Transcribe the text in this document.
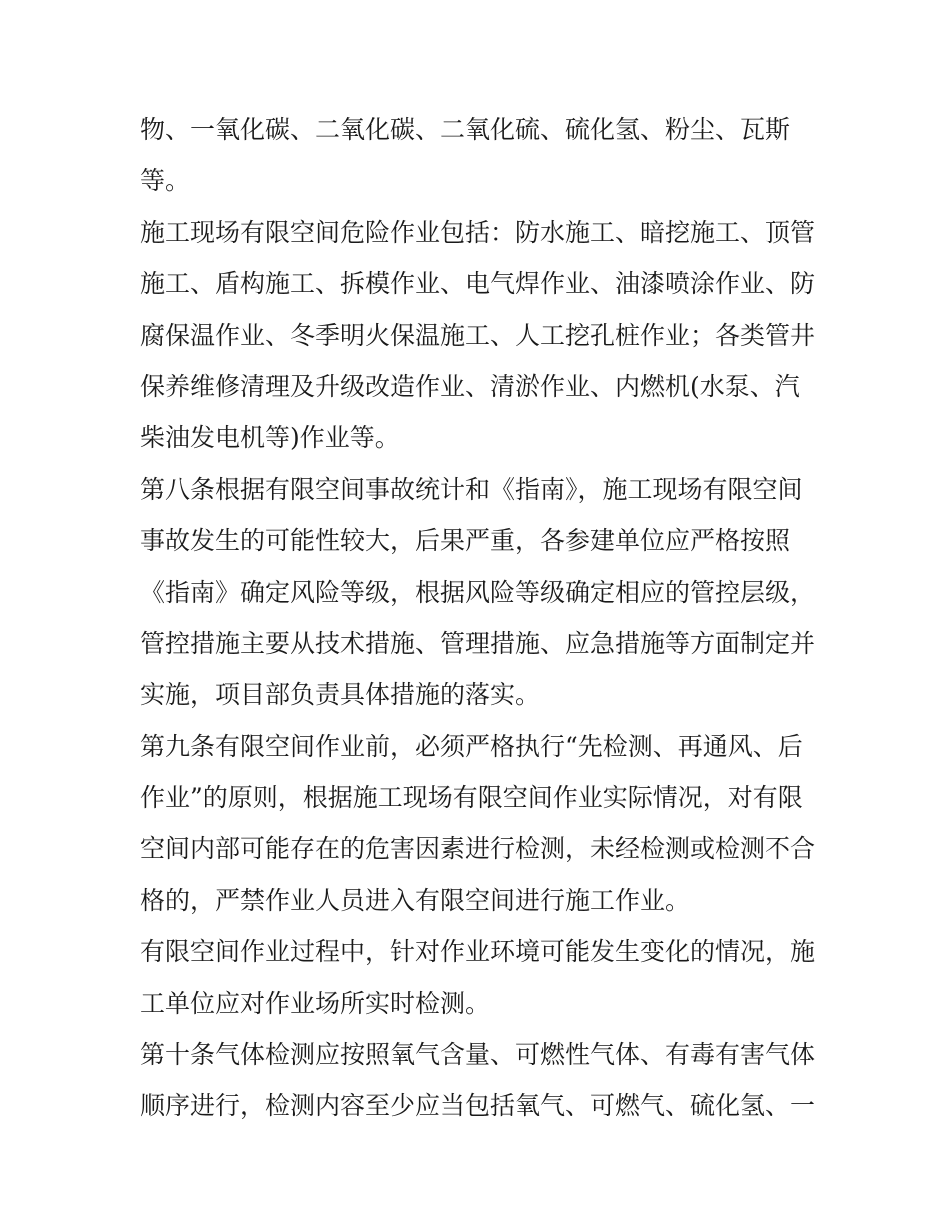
物、一氧化碳、二氧化碳、二氧化硫、硫化氢、粉尘、瓦斯
等。
施工现场有限空间危险作业包括：防水施工、暗挖施工、顶管
施工、盾构施工、拆模作业、电气焊作业、油漆喷涂作业、防
腐保温作业、冬季明火保温施工、人工挖孔桩作业；各类管井
保养维修清理及升级改造作业、清淤作业、内燃机(水泵、汽
柴油发电机等)作业等。
第八条根据有限空间事故统计和《指南》，施工现场有限空间
事故发生的可能性较大，后果严重，各参建单位应严格按照
《指南》确定风险等级，根据风险等级确定相应的管控层级，
管控措施主要从技术措施、管理措施、应急措施等方面制定并
实施，项目部负责具体措施的落实。
第九条有限空间作业前，必须严格执行“先检测、再通风、后
作业”的原则，根据施工现场有限空间作业实际情况，对有限
空间内部可能存在的危害因素进行检测，未经检测或检测不合
格的，严禁作业人员进入有限空间进行施工作业。
有限空间作业过程中，针对作业环境可能发生变化的情况，施
工单位应对作业场所实时检测。
第十条气体检测应按照氧气含量、可燃性气体、有毒有害气体
顺序进行，检测内容至少应当包括氧气、可燃气、硫化氢、一
